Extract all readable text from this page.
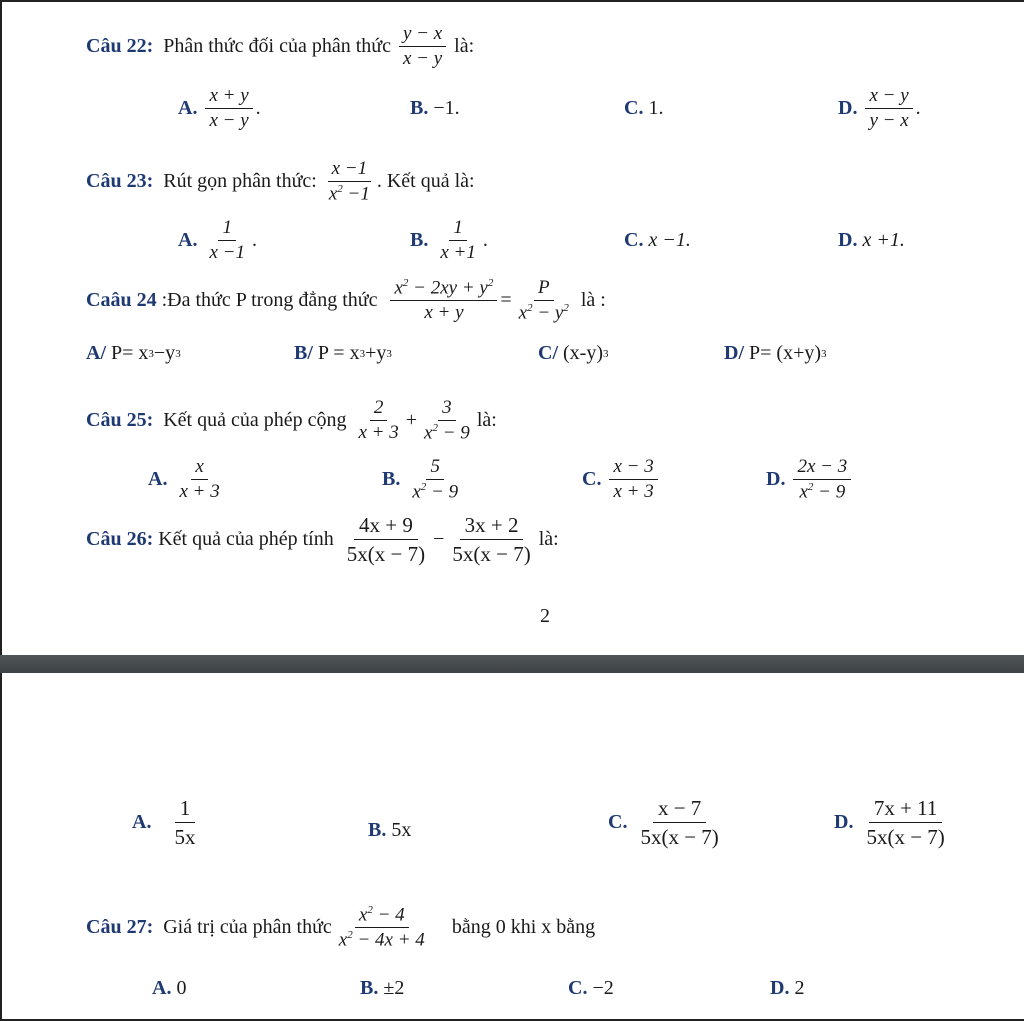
Câu 22:
Phân thức đối của phân thức
$\frac{y - x}{x - y}$
là:
A.
$\frac{x + y}{x - y}$ .	B.
−1.	C.
1.	D.
$\frac{x - y}{y - x}$ .
Câu 23:
Rút gọn phân thức:
$\frac{x -1}{x^2 -1}$ . Kết quả là:
A.
$\frac{1}{x -1}$ .	B.
$\frac{1}{x +1}$ .	C.
x −1.	D.
x +1.
Caâu 24
:Đa thức P trong đẳng thức
$\frac{x^2 - 2xy + y^2}{x + y} = \frac{P}{x^2 - y^2}$
là :
A/
P= x 3 −y 3	B/
P = x 3 +y 3	C/
(x-y) 3	D/
P= (x+y) 3
Câu 25:
Kết quả của phép cộng
$\frac{2}{x + 3} + \frac{3}{x^2 - 9}$ là:
A.
$\frac{x}{x + 3}$	B.
$\frac{5}{x^2 - 9}$	C.
$\frac{x - 3}{x + 3}$	D.
$\frac{2x - 3}{x^2 - 9}$
Câu 26:
Kết quả của phép tính
$\frac{4x + 9}{5x(x - 7)} - \frac{3x + 2}{5x(x - 7)}$ là:
2
A.
$\frac{1}{5x}$	B.
5x	C.
$\frac{x - 7}{5x(x - 7)}$	D.
$\frac{7x + 11}{5x(x - 7)}$
Câu 27:
Giá trị của phân thức $\frac{x^2 - 4}{x^2 - 4x + 4}$
bằng 0 khi x bằng
A.
0	B.
±2	C.
−2	D.
2
